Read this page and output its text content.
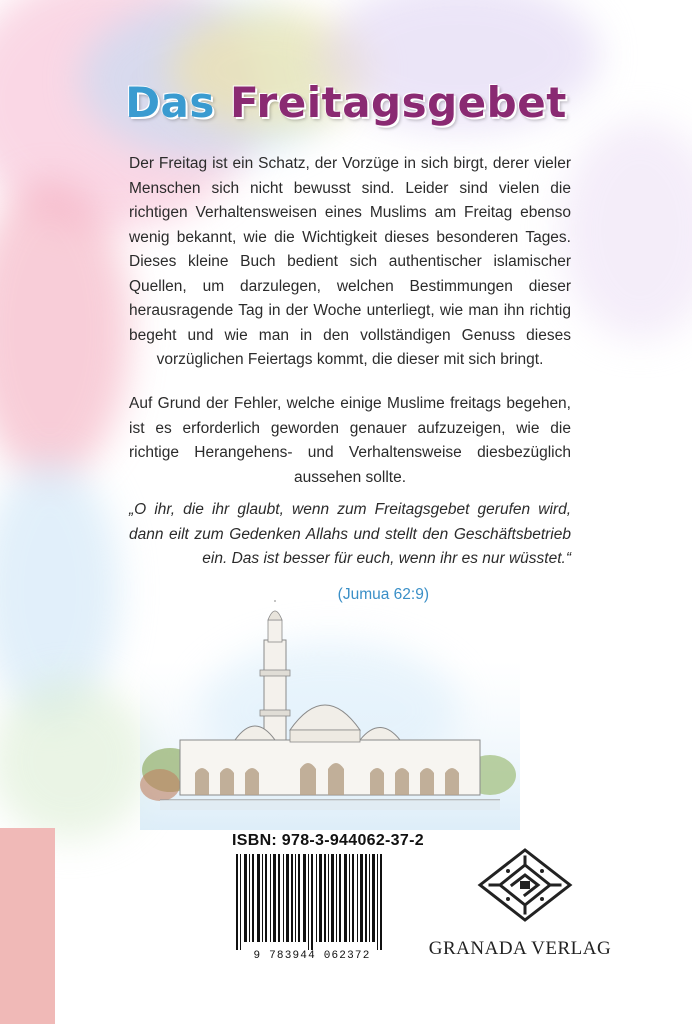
Das Freitagsgebet

Der Freitag ist ein Schatz, der Vorzüge in sich birgt, derer vieler Menschen sich nicht bewusst sind. Leider sind vielen die richtigen Verhaltensweisen eines Muslims am Freitag ebenso wenig bekannt, wie die Wichtigkeit dieses besonderen Tages. Dieses kleine Buch bedient sich authentischer islamischer Quellen, um darzulegen, welchen Bestimmungen dieser herausragende Tag in der Woche unterliegt, wie man ihn richtig begeht und wie man in den vollständigen Genuss dieses vorzüglichen Feiertags kommt, die dieser mit sich bringt.

Auf Grund der Fehler, welche einige Muslime freitags begehen, ist es erforderlich geworden genauer aufzuzeigen, wie die richtige Herangehens- und Verhaltensweise diesbezüglich aussehen sollte.

„O ihr, die ihr glaubt, wenn zum Freitagsgebet gerufen wird, dann eilt zum Gedenken Allahs und stellt den Geschäftsbetrieb ein. Das ist besser für euch, wenn ihr es nur wüsstet.“

(Jumua 62:9)
ISBN: 978-3-944062-37-2
9 783944 062372	GRANADA VERLAG
